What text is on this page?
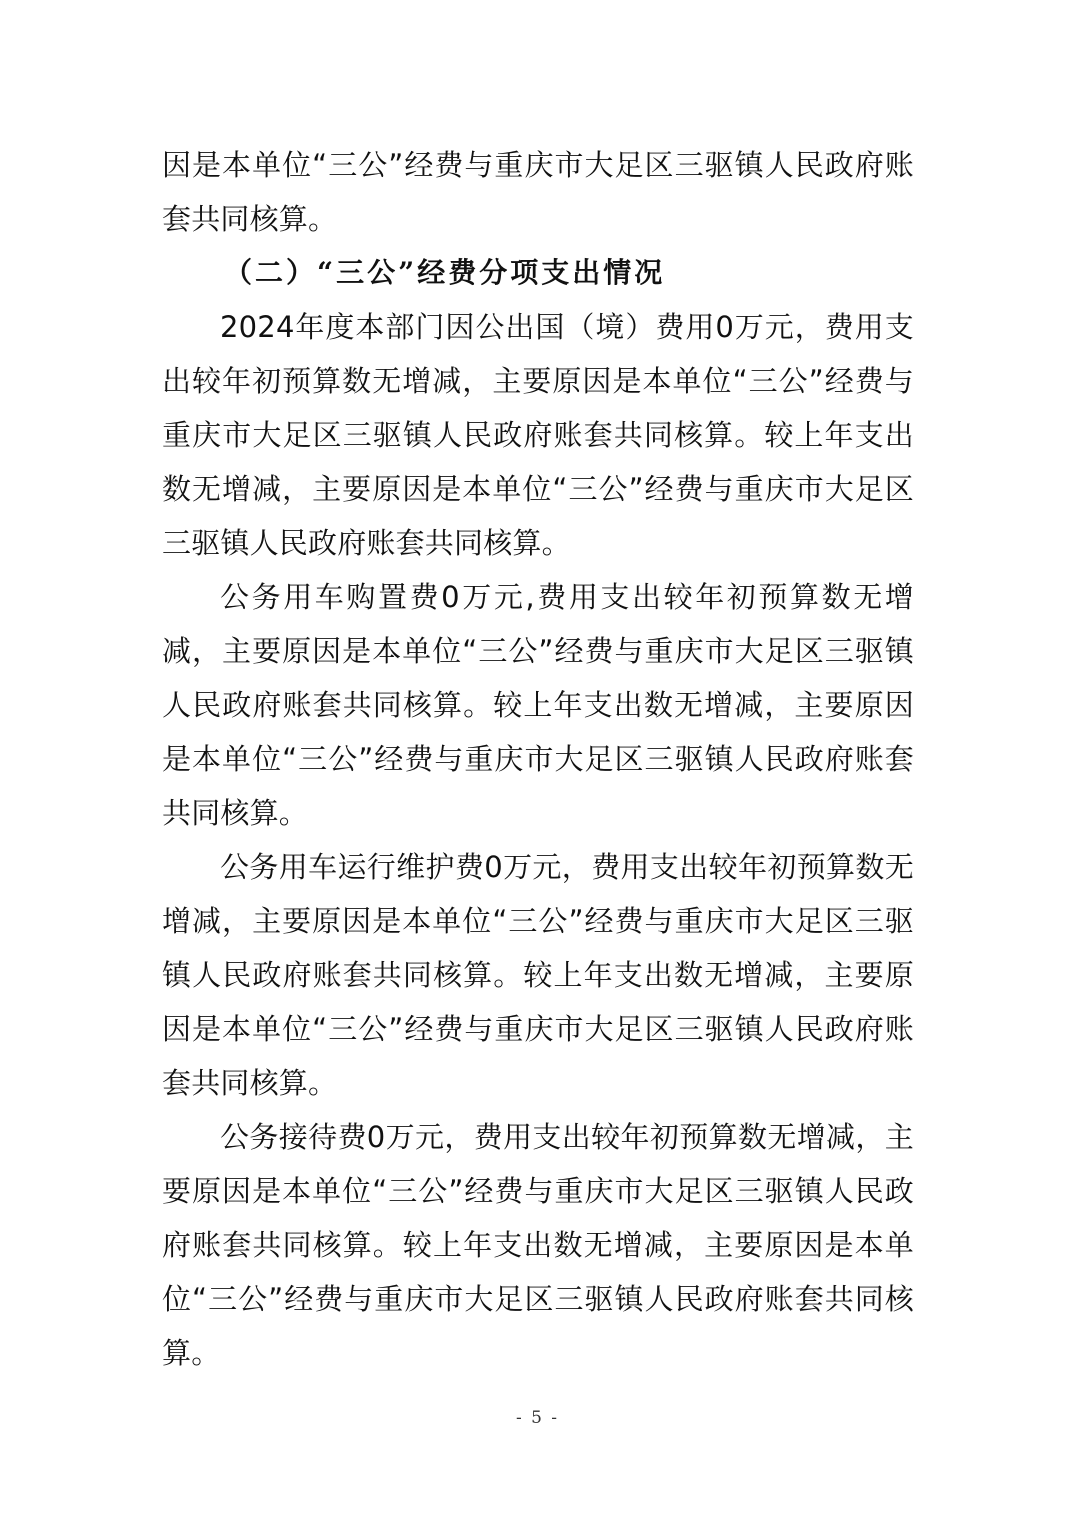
因是本单位“三公”经费与重庆市大足区三驱镇人民政府账套共同核算。

（二）“三公”经费分项支出情况

2024年度本部门因公出国（境）费用0万元，费用支出较年初预算数无增减，主要原因是本单位“三公”经费与重庆市大足区三驱镇人民政府账套共同核算。较上年支出数无增减，主要原因是本单位“三公”经费与重庆市大足区三驱镇人民政府账套共同核算。

公务用车购置费0万元,费用支出较年初预算数无增减，主要原因是本单位“三公”经费与重庆市大足区三驱镇人民政府账套共同核算。较上年支出数无增减，主要原因是本单位“三公”经费与重庆市大足区三驱镇人民政府账套共同核算。

公务用车运行维护费0万元，费用支出较年初预算数无增减，主要原因是本单位“三公”经费与重庆市大足区三驱镇人民政府账套共同核算。较上年支出数无增减，主要原因是本单位“三公”经费与重庆市大足区三驱镇人民政府账套共同核算。

公务接待费0万元，费用支出较年初预算数无增减，主要原因是本单位“三公”经费与重庆市大足区三驱镇人民政府账套共同核算。较上年支出数无增减，主要原因是本单位“三公”经费与重庆市大足区三驱镇人民政府账套共同核算。

- 5 -
